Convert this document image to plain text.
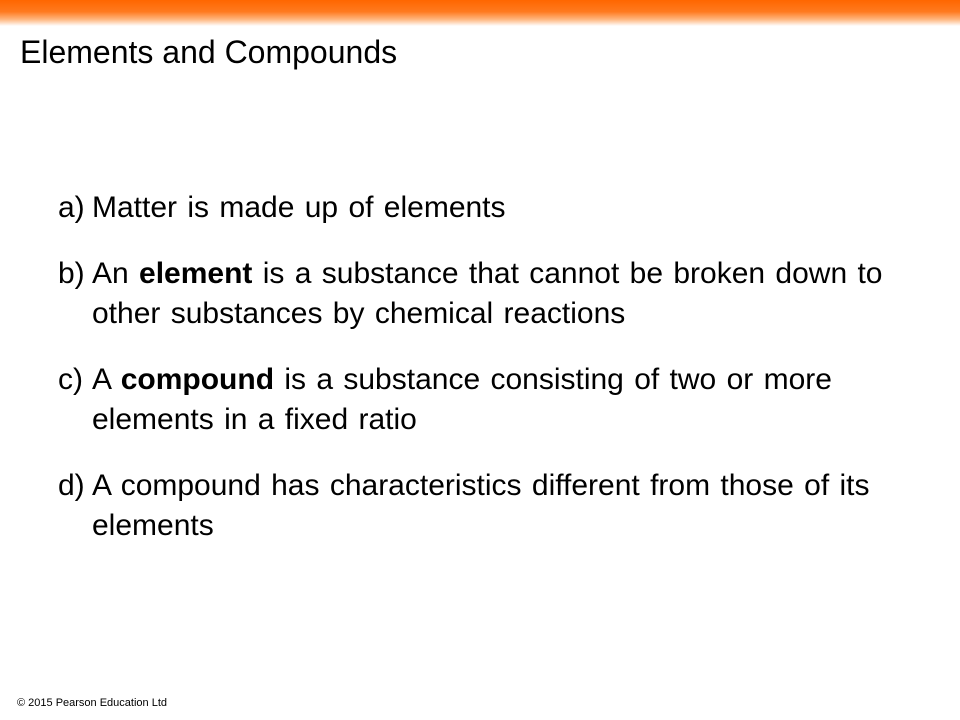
Elements and Compounds
a) Matter is made up of elements
b) An element is a substance that cannot be broken down to other substances by chemical reactions
c) A compound is a substance consisting of two or more elements in a fixed ratio
d) A compound has characteristics different from those of its elements
© 2015 Pearson Education Ltd
